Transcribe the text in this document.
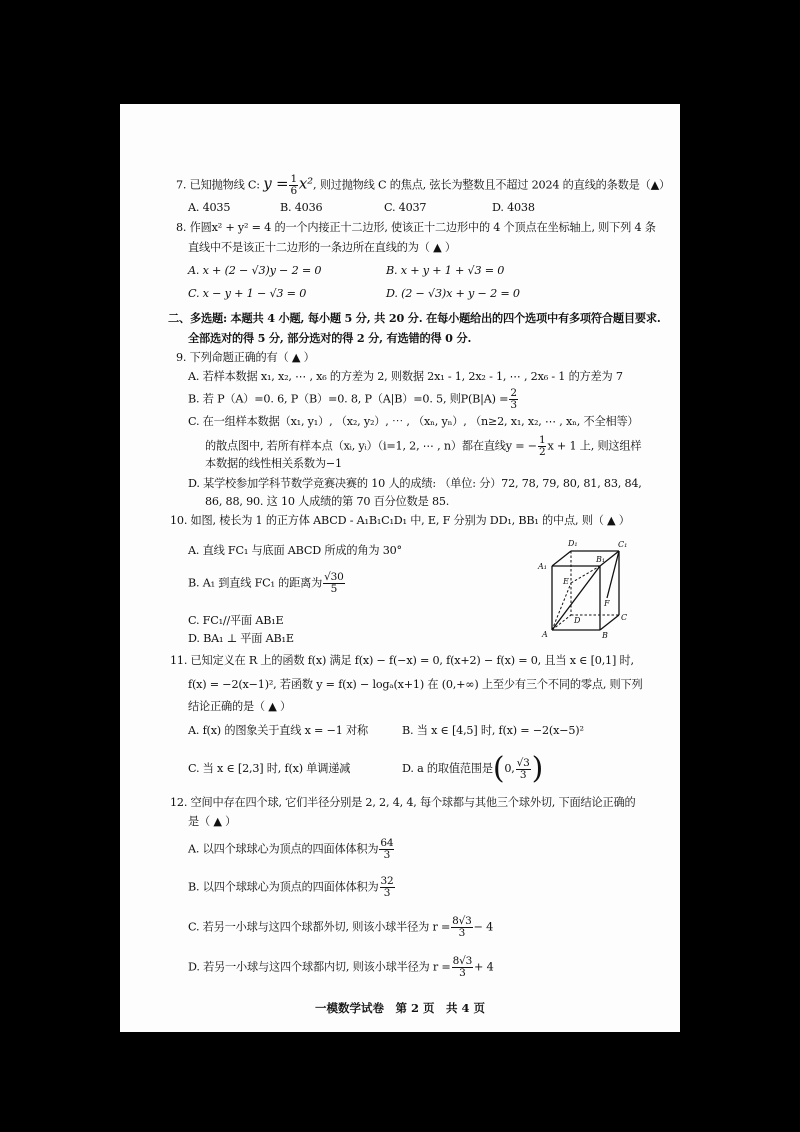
7. 已知抛物线 C: $y = \frac{1}{6} x^2$, 则过抛物线 C 的焦点, 弦长为整数且不超过 2024 的直线的条数是（▲）
A. 4035	B. 4036	C. 4037	D. 4038
8. 作圆x² + y² = 4 的一个内接正十二边形, 使该正十二边形中的 4 个顶点在坐标轴上, 则下列 4 条
直线中不是该正十二边形的一条边所在直线的为（ ▲ ）
A. x + (2 − √3)y − 2 = 0	B. x + y + 1 + √3 = 0
C. x − y + 1 − √3 = 0	D. (2 − √3)x + y − 2 = 0
二、多选题: 本题共 4 小题, 每小题 5 分, 共 20 分. 在每小题给出的四个选项中有多项符合题目要求.
全部选对的得 5 分, 部分选对的得 2 分, 有选错的得 0 分.
9. 下列命题正确的有（ ▲ ）
A. 若样本数据 x₁, x₂, ⋯ , x₆ 的方差为 2, 则数据 2x₁ - 1, 2x₂ - 1, ⋯ , 2x₆ - 1 的方差为 7
B. 若 P（A）=0. 6, P（B）=0. 8, P（A|B）=0. 5, 则$P(B|A) = \frac{2}{3}$
C. 在一组样本数据（x₁, y₁）, （x₂, y₂）, ⋯ , （xₙ, yₙ）, （n≥2, x₁, x₂, ⋯ , xₙ, 不全相等）
的散点图中, 若所有样本点（xᵢ, yᵢ）（i=1, 2, ⋯ , n）都在直线y = − $\frac{1}{2}$ x + 1 上, 则这组样
本数据的线性相关系数为−1
D. 某学校参加学科节数学竞赛决赛的 10 人的成绩: （单位: 分）72, 78, 79, 80, 81, 83, 84,
86, 88, 90. 这 10 人成绩的第 70 百分位数是 85.
10. 如图, 棱长为 1 的正方体 ABCD - A₁B₁C₁D₁ 中, E, F 分别为 DD₁, BB₁ 的中点, 则（ ▲ ）
A. 直线 FC₁ 与底面 ABCD 所成的角为 30°
B. A₁ 到直线 FC₁ 的距离为 $\frac{√30}{5}$
C. FC₁//平面 AB₁E
D. BA₁ ⊥ 平面 AB₁E	A	B
C
D
A₁
B₁
C₁
D₁
E
F
11. 已知定义在 R 上的函数 f(x) 满足 f(x) − f(−x) = 0, f(x+2) − f(x) = 0, 且当 x ∈ [0,1] 时,
f(x) = −2(x−1)², 若函数 y = f(x) − logₐ(x+1) 在 (0,+∞) 上至少有三个不同的零点, 则下列
结论正确的是（ ▲ ）
A. f(x) 的图象关于直线 x = −1 对称	B. 当 x ∈ [4,5] 时, f(x) = −2(x−5)²
C. 当 x ∈ [2,3] 时, f(x) 单调递减	D. a 的取值范围是(0, $\frac{√3}{3}$ )
12. 空间中存在四个球, 它们半径分别是 2, 2, 4, 4, 每个球都与其他三个球外切, 下面结论正确的
是（ ▲ ）
A. 以四个球球心为顶点的四面体体积为 $\frac{64}{3}$
B. 以四个球球心为顶点的四面体体积为 $\frac{32}{3}$
C. 若另一小球与这四个球都外切, 则该小球半径为 $r = \frac{8√3}{3} - 4$
D. 若另一小球与这四个球都内切, 则该小球半径为 $r = \frac{8√3}{3} + 4$
一模数学试卷　第 2 页　共 4 页
